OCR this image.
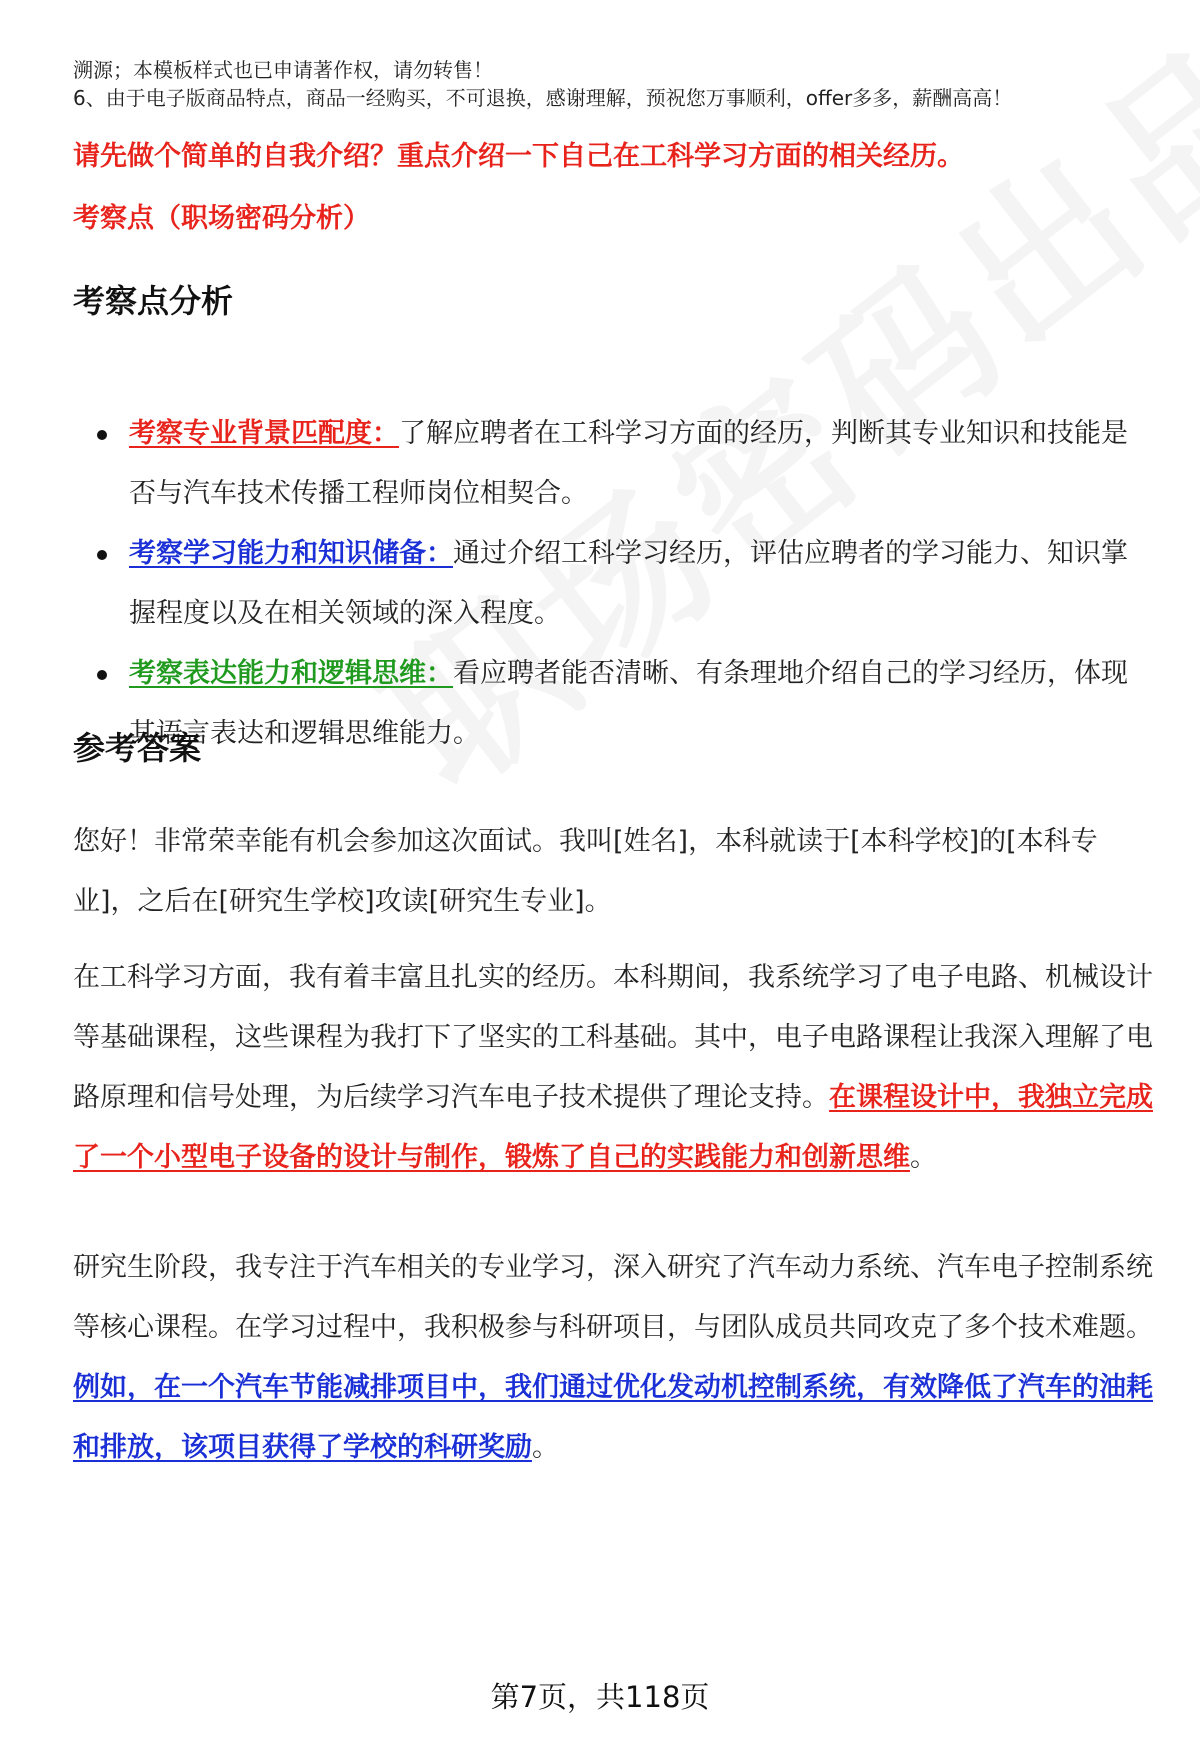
溯源；本模板样式也已申请著作权，请勿转售！
6、由于电子版商品特点，商品一经购买，不可退换，感谢理解，预祝您万事顺利，offer多多，薪酬高高！
请先做个简单的自我介绍？重点介绍一下自己在工科学习方面的相关经历。
考察点（职场密码分析）
考察点分析
考察专业背景匹配度：了解应聘者在工科学习方面的经历，判断其专业知识和技能是否与汽车技术传播工程师岗位相契合。
考察学习能力和知识储备：通过介绍工科学习经历，评估应聘者的学习能力、知识掌握程度以及在相关领域的深入程度。
考察表达能力和逻辑思维：看应聘者能否清晰、有条理地介绍自己的学习经历，体现其语言表达和逻辑思维能力。
参考答案

您好！非常荣幸能有机会参加这次面试。我叫[姓名]，本科就读于[本科学校]的[本科专业]，之后在[研究生学校]攻读[研究生专业]。

在工科学习方面，我有着丰富且扎实的经历。本科期间，我系统学习了电子电路、机械设计等基础课程，这些课程为我打下了坚实的工科基础。其中，电子电路课程让我深入理解了电路原理和信号处理，为后续学习汽车电子技术提供了理论支持。在课程设计中，我独立完成了一个小型电子设备的设计与制作，锻炼了自己的实践能力和创新思维。

研究生阶段，我专注于汽车相关的专业学习，深入研究了汽车动力系统、汽车电子控制系统等核心课程。在学习过程中，我积极参与科研项目，与团队成员共同攻克了多个技术难题。例如，在一个汽车节能减排项目中，我们通过优化发动机控制系统，有效降低了汽车的油耗和排放，该项目获得了学校的科研奖励。

第7页，共118页
